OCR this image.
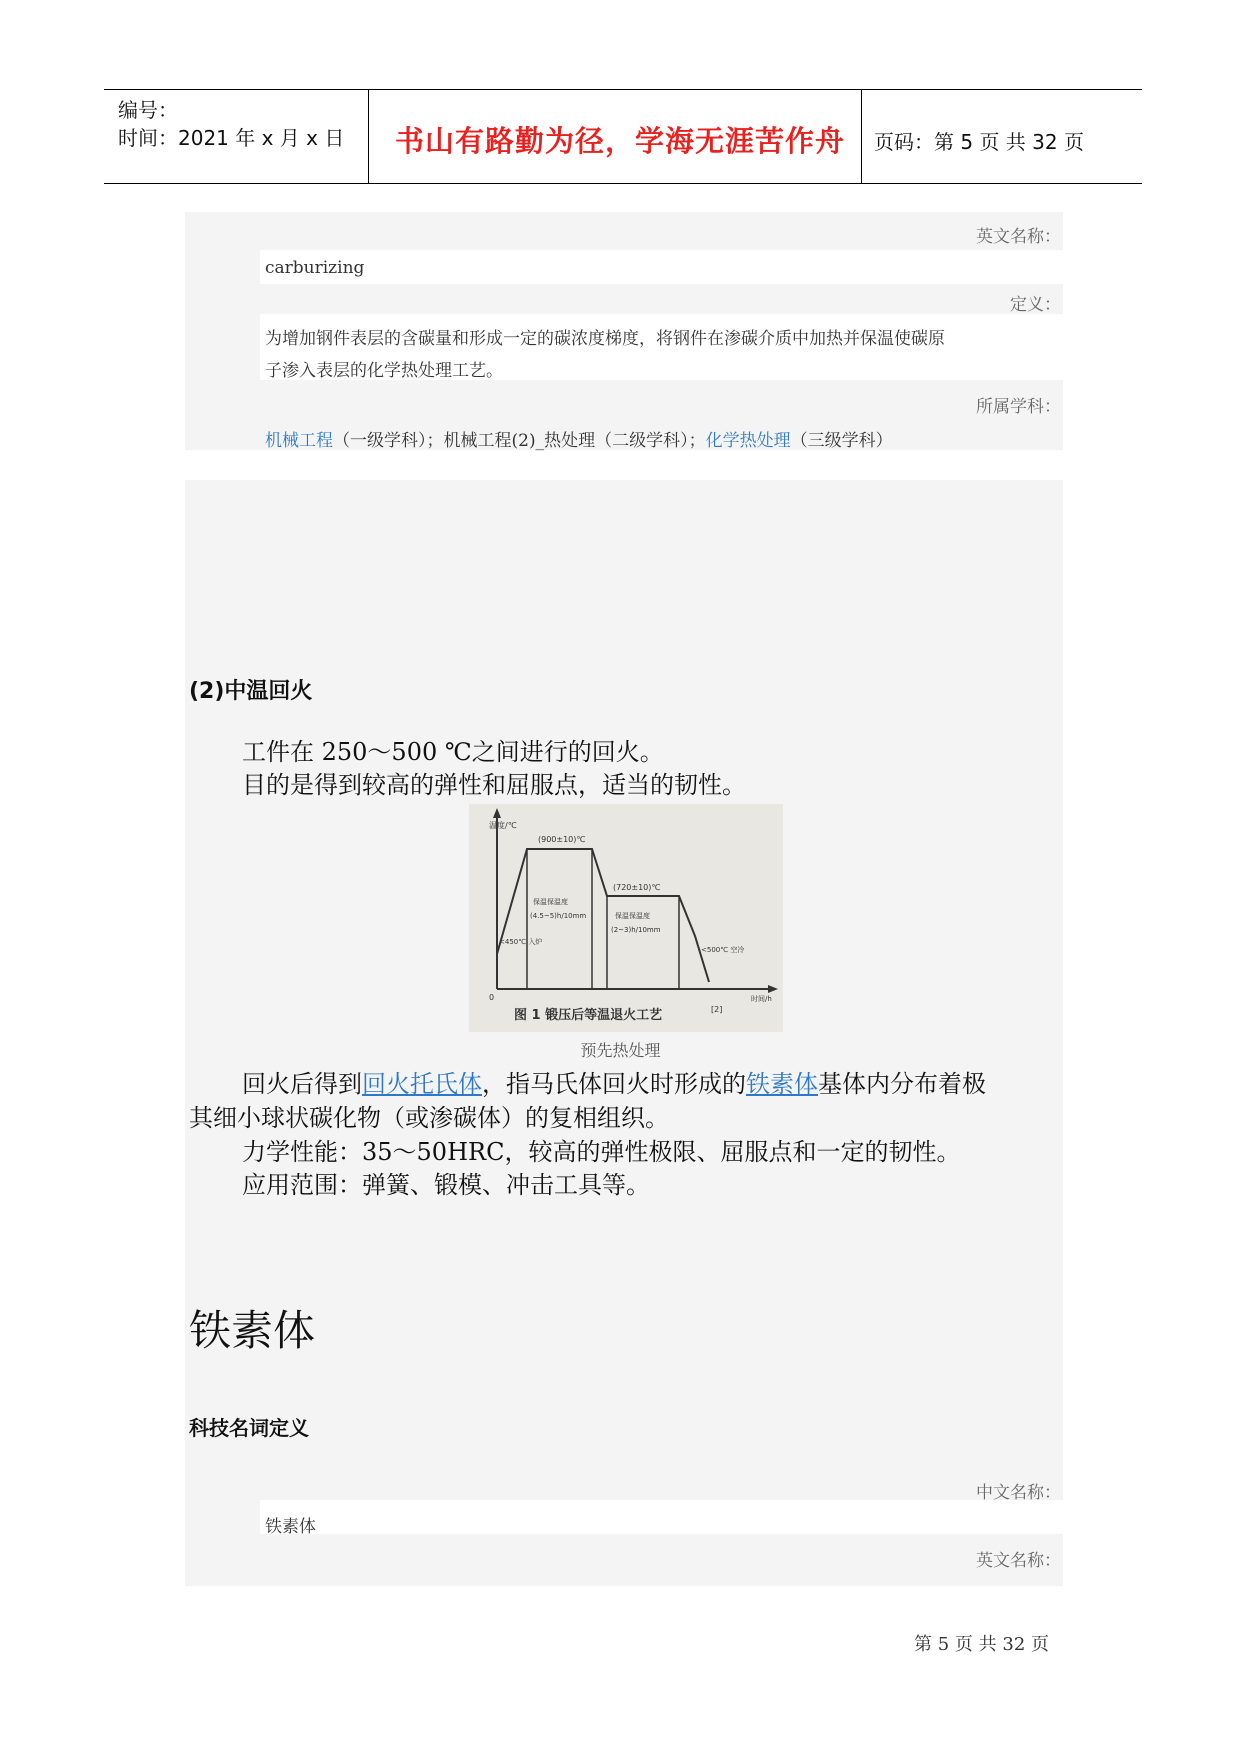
编号：
时间：2021 年 x 月 x 日 书山有路勤为径，学海无涯苦作舟 页码：第 5 页 共 32 页
英文名称：
carburizing
定义：
为增加钢件表层的含碳量和形成一定的碳浓度梯度，将钢件在渗碳介质中加热并保温使碳原
子渗入表层的化学热处理工艺。
所属学科：
机械工程（一级学科）；机械工程(2)_热处理（二级学科）；化学热处理（三级学科）
(2)中温回火
工件在 250～500 ℃之间进行的回火。
目的是得到较高的弹性和屈服点，适当的韧性。
温度/℃
(900±10)℃
(720±10)℃
保温保温度
(4.5~5)h/10mm	保温保温度
(2~3)h/10mm
<450℃ 入炉
<500℃ 空冷
0	时间/h
图 1 锻压后等温退火工艺	[2]
预先热处理
回火后得到回火托氏体，指马氏体回火时形成的铁素体基体内分布着极
其细小球状碳化物（或渗碳体）的复相组织。
力学性能：35～50HRC，较高的弹性极限、屈服点和一定的韧性。
应用范围：弹簧、锻模、冲击工具等。
铁素体
科技名词定义
中文名称：
铁素体
英文名称：
第 5 页 共 32 页
